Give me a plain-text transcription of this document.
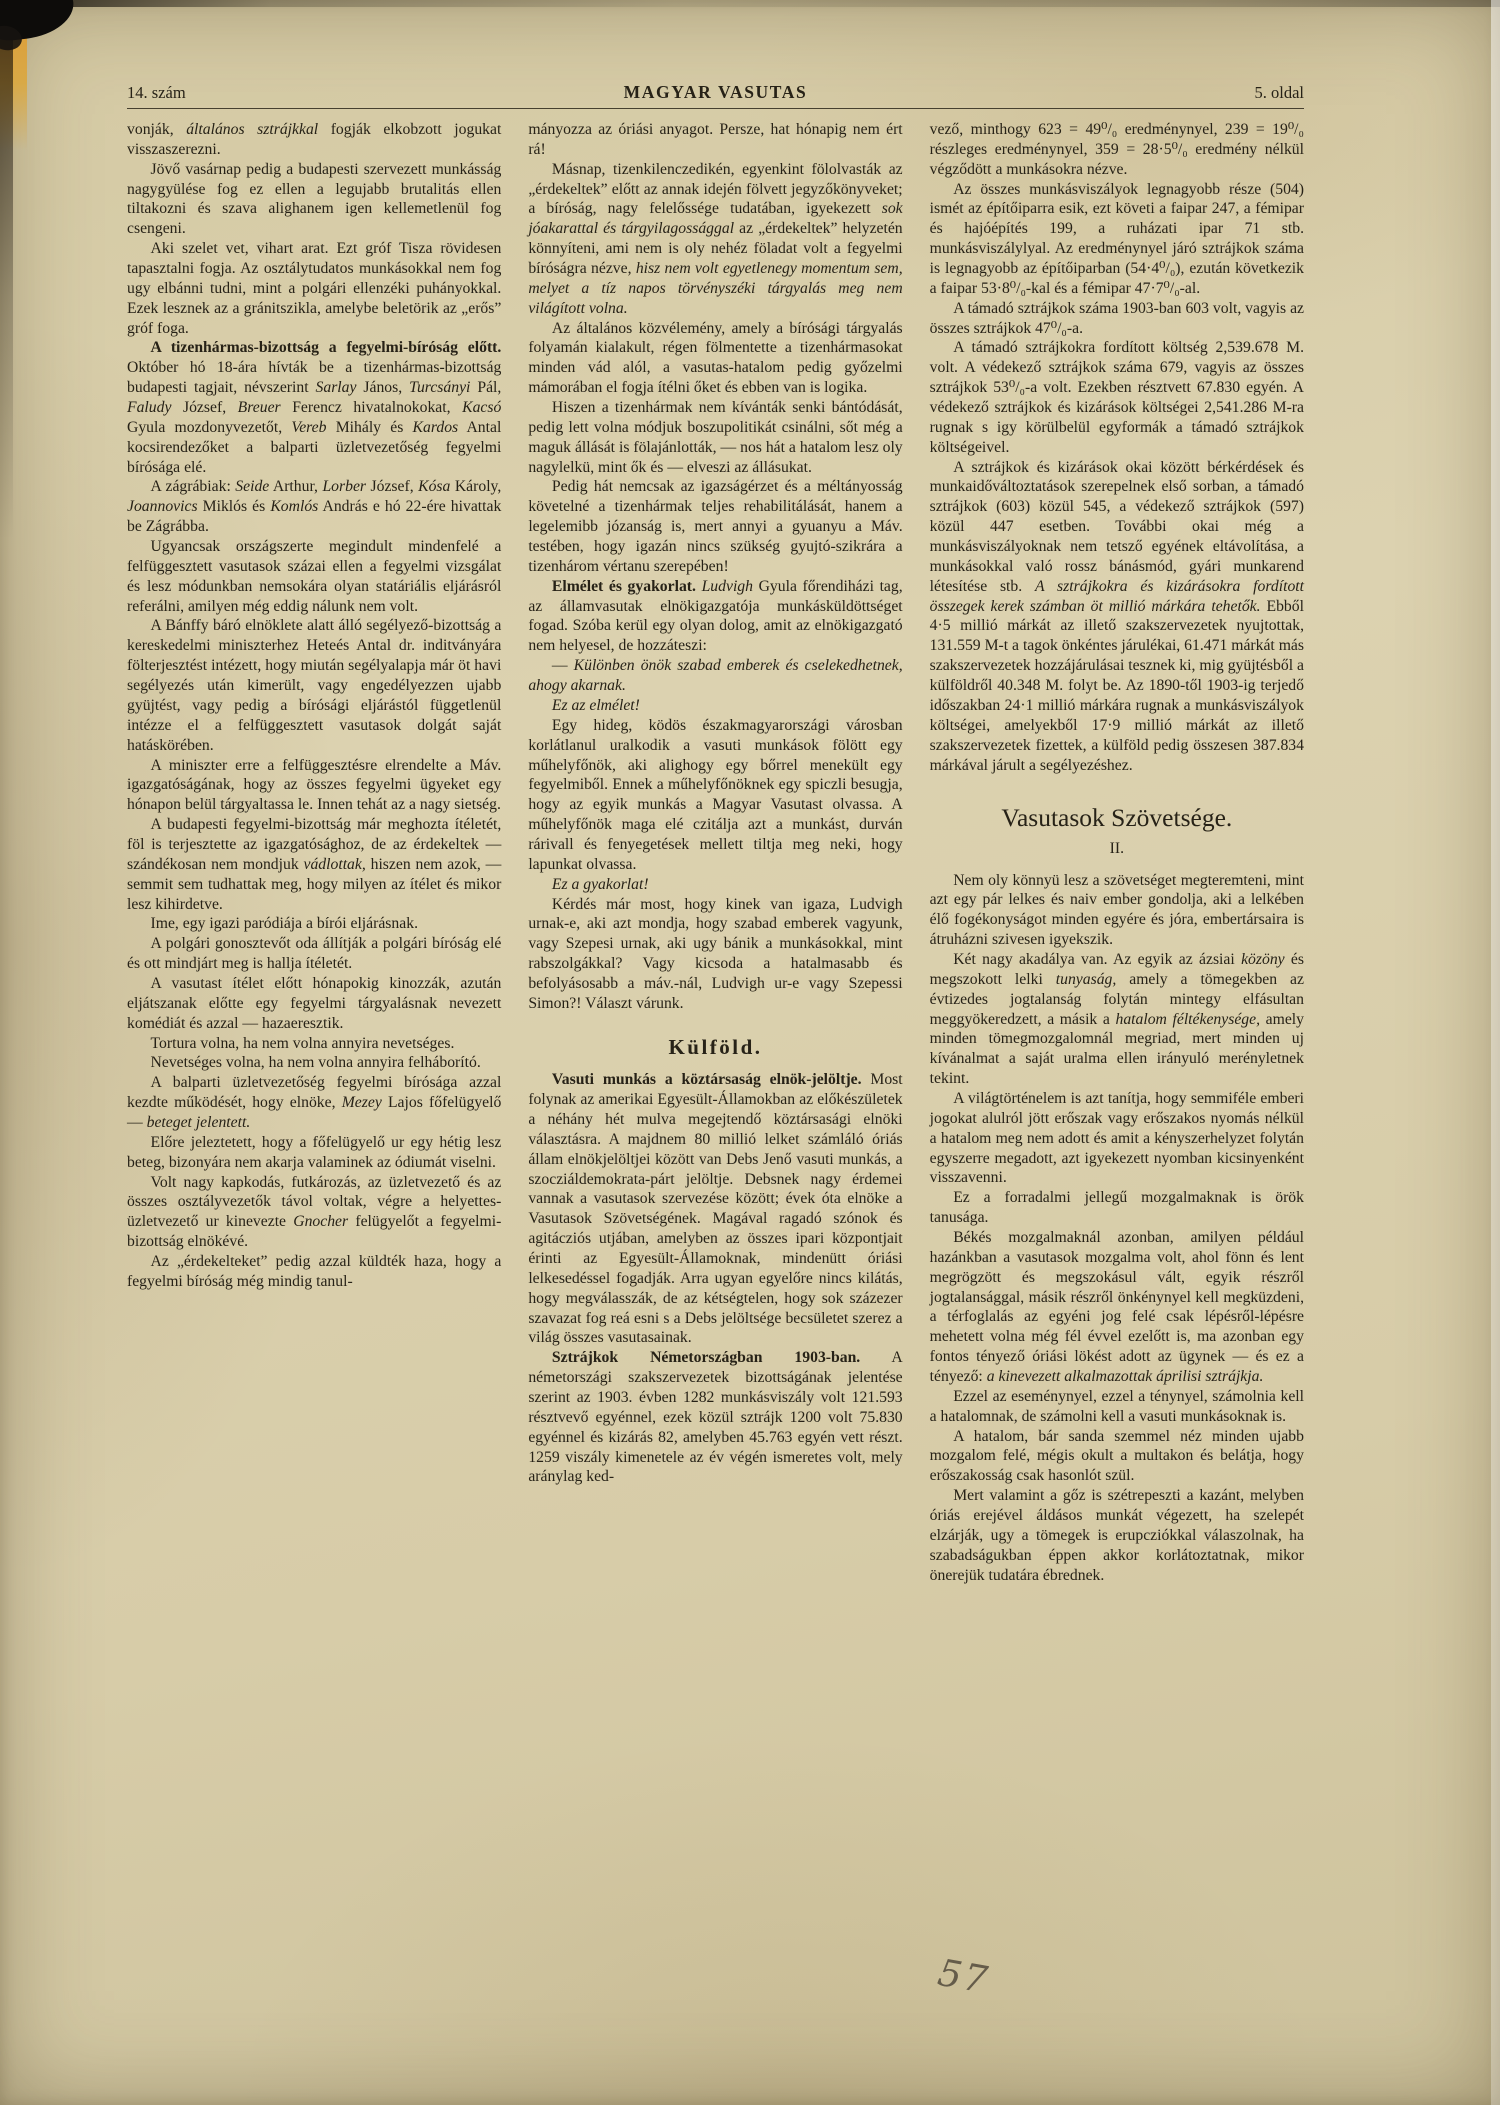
14. szám	MAGYAR VASUTAS	5. oldal
vonják, általános sztrájkkal fogják elkobzott jogukat visszaszerezni.
Jövő vasárnap pedig a budapesti szervezett munkásság nagygyülése fog ez ellen a legujabb brutalitás ellen tiltakozni és szava alighanem igen kellemetlenül fog csengeni.
Aki szelet vet, vihart arat. Ezt gróf Tisza rövidesen tapasztalni fogja. Az osztálytudatos munkásokkal nem fog ugy elbánni tudni, mint a polgári ellenzéki puhányokkal. Ezek lesznek az a gránitszikla, amelybe beletörik az „erős” gróf foga.
A tizenhármas-bizottság a fegyelmi-bíróság előtt. Október hó 18-ára hívták be a tizenhármas-bizottság budapesti tagjait, névszerint Sarlay János, Turcsányi Pál, Faludy József, Breuer Ferencz hivatalnokokat, Kacsó Gyula mozdonyvezetőt, Vereb Mihály és Kardos Antal kocsirendezőket a balparti üzletvezetőség fegyelmi bírósága elé.
A zágrábiak: Seide Arthur, Lorber József, Kósa Károly, Joannovics Miklós és Komlós András e hó 22-ére hivattak be Zágrábba.
Ugyancsak országszerte megindult mindenfelé a felfüggesztett vasutasok százai ellen a fegyelmi vizsgálat és lesz módunkban nemsokára olyan statáriális eljárásról referálni, amilyen még eddig nálunk nem volt.
A Bánffy báró elnöklete alatt álló segélyező-bizottság a kereskedelmi miniszterhez Heteés Antal dr. inditványára fölterjesztést intézett, hogy miután segélyalapja már öt havi segélyezés után kimerült, vagy engedélyezzen ujabb gyüjtést, vagy pedig a bírósági eljárástól függetlenül intézze el a felfüggesztett vasutasok dolgát saját hatáskörében.
A miniszter erre a felfüggesztésre elrendelte a Máv. igazgatóságának, hogy az összes fegyelmi ügyeket egy hónapon belül tárgyaltassa le. Innen tehát az a nagy sietség.
A budapesti fegyelmi-bizottság már meghozta ítéletét, föl is terjesztette az igazgatósághoz, de az érdekeltek — szándékosan nem mondjuk vádlottak, hiszen nem azok, — semmit sem tudhattak meg, hogy milyen az ítélet és mikor lesz kihirdetve.
Ime, egy igazi paródiája a bírói eljárásnak.
A polgári gonosztevőt oda állítják a polgári bíróság elé és ott mindjárt meg is hallja ítéletét.
A vasutast ítélet előtt hónapokig kinozzák, azután eljátszanak előtte egy fegyelmi tárgyalásnak nevezett komédiát és azzal — hazaeresztik.
Tortura volna, ha nem volna annyira nevetséges.
Nevetséges volna, ha nem volna annyira felháborító.
A balparti üzletvezetőség fegyelmi bírósága azzal kezdte működését, hogy elnöke, Mezey Lajos főfelügyelő — beteget jelentett.
Előre jeleztetett, hogy a főfelügyelő ur egy hétig lesz beteg, bizonyára nem akarja valaminek az ódiumát viselni.
Volt nagy kapkodás, futkározás, az üzletvezető és az összes osztályvezetők távol voltak, végre a helyettes-üzletvezető ur kinevezte Gnocher felügyelőt a fegyelmi-bizottság elnökévé.
Az „érdekelteket” pedig azzal küldték haza, hogy a fegyelmi bíróság még mindig tanul-
mányozza az óriási anyagot. Persze, hat hónapig nem ért rá!
Másnap, tizenkilenczedikén, egyenkint fölolvasták az „érdekeltek” előtt az annak idején fölvett jegyzőkönyveket; a bíróság, nagy felelőssége tudatában, igyekezett sok jóakarattal és tárgyilagossággal az „érdekeltek” helyzetén könnyíteni, ami nem is oly nehéz föladat volt a fegyelmi bíróságra nézve, hisz nem volt egyetlenegy momentum sem, melyet a tíz napos törvényszéki tárgyalás meg nem világított volna.
Az általános közvélemény, amely a bírósági tárgyalás folyamán kialakult, régen fölmentette a tizenhármasokat minden vád alól, a vasutas-hatalom pedig győzelmi mámorában el fogja ítélni őket és ebben van is logika.
Hiszen a tizenhármak nem kívánták senki bántódását, pedig lett volna módjuk boszupolitikát csinálni, sőt még a maguk állását is fölajánlották, — nos hát a hatalom lesz oly nagylelkü, mint ők és — elveszi az állásukat.
Pedig hát nemcsak az igazságérzet és a méltányosság követelné a tizenhármak teljes rehabilitálását, hanem a legelemibb józanság is, mert annyi a gyuanyu a Máv. testében, hogy igazán nincs szükség gyujtó-szikrára a tizenhárom vértanu szerepében!
Elmélet és gyakorlat. Ludvigh Gyula főrendiházi tag, az államvasutak elnökigazgatója munkásküldöttséget fogad. Szóba kerül egy olyan dolog, amit az elnökigazgató nem helyesel, de hozzáteszi:
— Különben önök szabad emberek és cselekedhetnek, ahogy akarnak.
Ez az elmélet!
Egy hideg, ködös északmagyarországi városban korlátlanul uralkodik a vasuti munkások fölött egy műhelyfőnök, aki alighogy egy bőrrel menekült egy fegyelmiből. Ennek a műhelyfőnöknek egy spiczli besugja, hogy az egyik munkás a Magyar Vasutast olvassa. A műhelyfőnök maga elé czitálja azt a munkást, durván rárivall és fenyegetések mellett tiltja meg neki, hogy lapunkat olvassa.
Ez a gyakorlat!
Kérdés már most, hogy kinek van igaza, Ludvigh urnak-e, aki azt mondja, hogy szabad emberek vagyunk, vagy Szepesi urnak, aki ugy bánik a munkásokkal, mint rabszolgákkal? Vagy kicsoda a hatalmasabb és befolyásosabb a máv.-nál, Ludvigh ur-e vagy Szepessi Simon?! Választ várunk.
Külföld.
Vasuti munkás a köztársaság elnök-jelöltje. Most folynak az amerikai Egyesült-Államokban az előkészületek a néhány hét mulva megejtendő köztársasági elnöki választásra. A majdnem 80 millió lelket számláló óriás állam elnökjelöltjei között van Debs Jenő vasuti munkás, a szocziáldemokrata-párt jelöltje. Debsnek nagy érdemei vannak a vasutasok szervezése között; évek óta elnöke a Vasutasok Szövetségének. Magával ragadó szónok és agitácziós utjában, amelyben az összes ipari központjait érinti az Egyesült-Államoknak, mindenütt óriási lelkesedéssel fogadják. Arra ugyan egyelőre nincs kilátás, hogy megválasszák, de az kétségtelen, hogy sok százezer szavazat fog reá esni s a Debs jelöltsége becsületet szerez a világ összes vasutasainak.
Sztrájkok Németországban 1903-ban. A németországi szakszervezetek bizottságának jelentése szerint az 1903. évben 1282 munkásviszály volt 121.593 résztvevő egyénnel, ezek közül sztrájk 1200 volt 75.830 egyénnel és kizárás 82, amelyben 45.763 egyén vett részt. 1259 viszály kimenetele az év végén ismeretes volt, mely aránylag ked-
vező, minthogy 623 = 49⁰/₀ eredménynyel, 239 = 19⁰/₀ részleges eredménynyel, 359 = 28·5⁰/₀ eredmény nélkül végződött a munkásokra nézve.
Az összes munkásviszályok legnagyobb része (504) ismét az építőiparra esik, ezt követi a faipar 247, a fémipar és hajóépítés 199, a ruházati ipar 71 stb. munkásviszálylyal. Az eredménynyel járó sztrájkok száma is legnagyobb az építőiparban (54·4⁰/₀), ezután következik a faipar 53·8⁰/₀-kal és a fémipar 47·7⁰/₀-al.
A támadó sztrájkok száma 1903-ban 603 volt, vagyis az összes sztrájkok 47⁰/₀-a.
A támadó sztrájkokra fordított költség 2,539.678 M. volt. A védekező sztrájkok száma 679, vagyis az összes sztrájkok 53⁰/₀-a volt. Ezekben résztvett 67.830 egyén. A védekező sztrájkok és kizárások költségei 2,541.286 M-ra rugnak s igy körülbelül egyformák a támadó sztrájkok költségeivel.
A sztrájkok és kizárások okai között bérkérdések és munkaidőváltoztatások szerepelnek első sorban, a támadó sztrájkok (603) közül 545, a védekező sztrájkok (597) közül 447 esetben. További okai még a munkásviszályoknak nem tetsző egyének eltávolítása, a munkásokkal való rossz bánásmód, gyári munkarend létesítése stb. A sztrájkokra és kizárásokra fordított összegek kerek számban öt millió márkára tehetők. Ebből 4·5 millió márkát az illető szakszervezetek nyujtottak, 131.559 M-t a tagok önkéntes járulékai, 61.471 márkát más szakszervezetek hozzájárulásai tesznek ki, mig gyüjtésből a külföldről 40.348 M. folyt be. Az 1890-től 1903-ig terjedő időszakban 24·1 millió márkára rugnak a munkásviszályok költségei, amelyekből 17·9 millió márkát az illető szakszervezetek fizettek, a külföld pedig összesen 387.834 márkával járult a segélyezéshez.
Vasutasok Szövetsége.
II.
Nem oly könnyü lesz a szövetséget megteremteni, mint azt egy pár lelkes és naiv ember gondolja, aki a lelkében élő fogékonyságot minden egyére és jóra, embertársaira is átruházni szivesen igyekszik.
Két nagy akadálya van. Az egyik az ázsiai közöny és megszokott lelki tunyaság, amely a tömegekben az évtizedes jogtalanság folytán mintegy elfásultan meggyökeredzett, a másik a hatalom féltékenysége, amely minden tömegmozgalomnál megriad, mert minden uj kívánalmat a saját uralma ellen irányuló merényletnek tekint.
A világtörténelem is azt tanítja, hogy semmiféle emberi jogokat alulról jött erőszak vagy erőszakos nyomás nélkül a hatalom meg nem adott és amit a kényszerhelyzet folytán egyszerre megadott, azt igyekezett nyomban kicsinyenként visszavenni.
Ez a forradalmi jellegű mozgalmaknak is örök tanusága.
Békés mozgalmaknál azonban, amilyen például hazánkban a vasutasok mozgalma volt, ahol fönn és lent megrögzött és megszokásul vált, egyik részről jogtalansággal, másik részről önkénynyel kell megküzdeni, a térfoglalás az egyéni jog felé csak lépésről-lépésre mehetett volna még fél évvel ezelőtt is, ma azonban egy fontos tényező óriási lökést adott az ügynek — és ez a tényező: a kinevezett alkalmazottak áprilisi sztrájkja.
Ezzel az eseménynyel, ezzel a ténynyel, számolnia kell a hatalomnak, de számolni kell a vasuti munkásoknak is.
A hatalom, bár sanda szemmel néz minden ujabb mozgalom felé, mégis okult a multakon és belátja, hogy erőszakosság csak hasonlót szül.
Mert valamint a gőz is szétrepeszti a kazánt, melyben óriás erejével áldásos munkát végezett, ha szelepét elzárják, ugy a tömegek is erupcziókkal válaszolnak, ha szabadságukban éppen akkor korlátoztatnak, mikor önerejük tudatára ébrednek.
57
